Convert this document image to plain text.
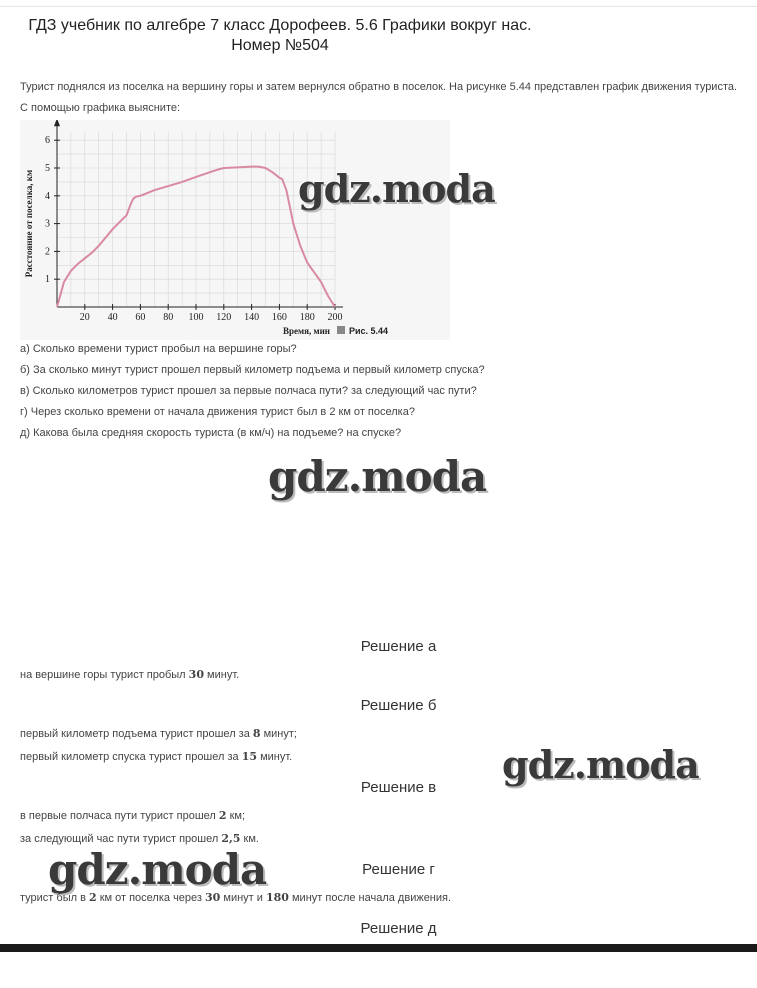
ГДЗ учебник по алгебре 7 класс Дорофеев. 5.6 Графики вокруг нас. Номер №504
Турист поднялся из поселка на вершину горы и затем вернулся обратно в поселок. На рисунке 5.44 представлен график движения туриста. С помощью графика выясните:
20 40 60 80 100 120 140 160 180 200
1
2
3
4
5
6
Расстояние от поселка, км
Время, мин Рис. 5.44
а) Сколько времени турист пробыл на вершине горы?
б) За сколько минут турист прошел первый километр подъема и первый километр спуска?
в) Сколько километров турист прошел за первые полчаса пути? за следующий час пути?
г) Через сколько времени от начала движения турист был в 2 км от поселка?
д) Какова была средняя скорость туриста (в км/ч) на подъеме? на спуске?
gdz.moda
gdz.moda
gdz.moda
gdz.moda
Решение а
на вершине горы турист пробыл 30 минут.
Решение б
первый километр подъема турист прошел за 8 минут;
первый километр спуска турист прошел за 15 минут.
Решение в
в первые полчаса пути турист прошел 2 км;
за следующий час пути турист прошел 2,5 км.
Решение г
турист был в 2 км от поселка через 30 минут и 180 минут после начала движения.
Решение д
